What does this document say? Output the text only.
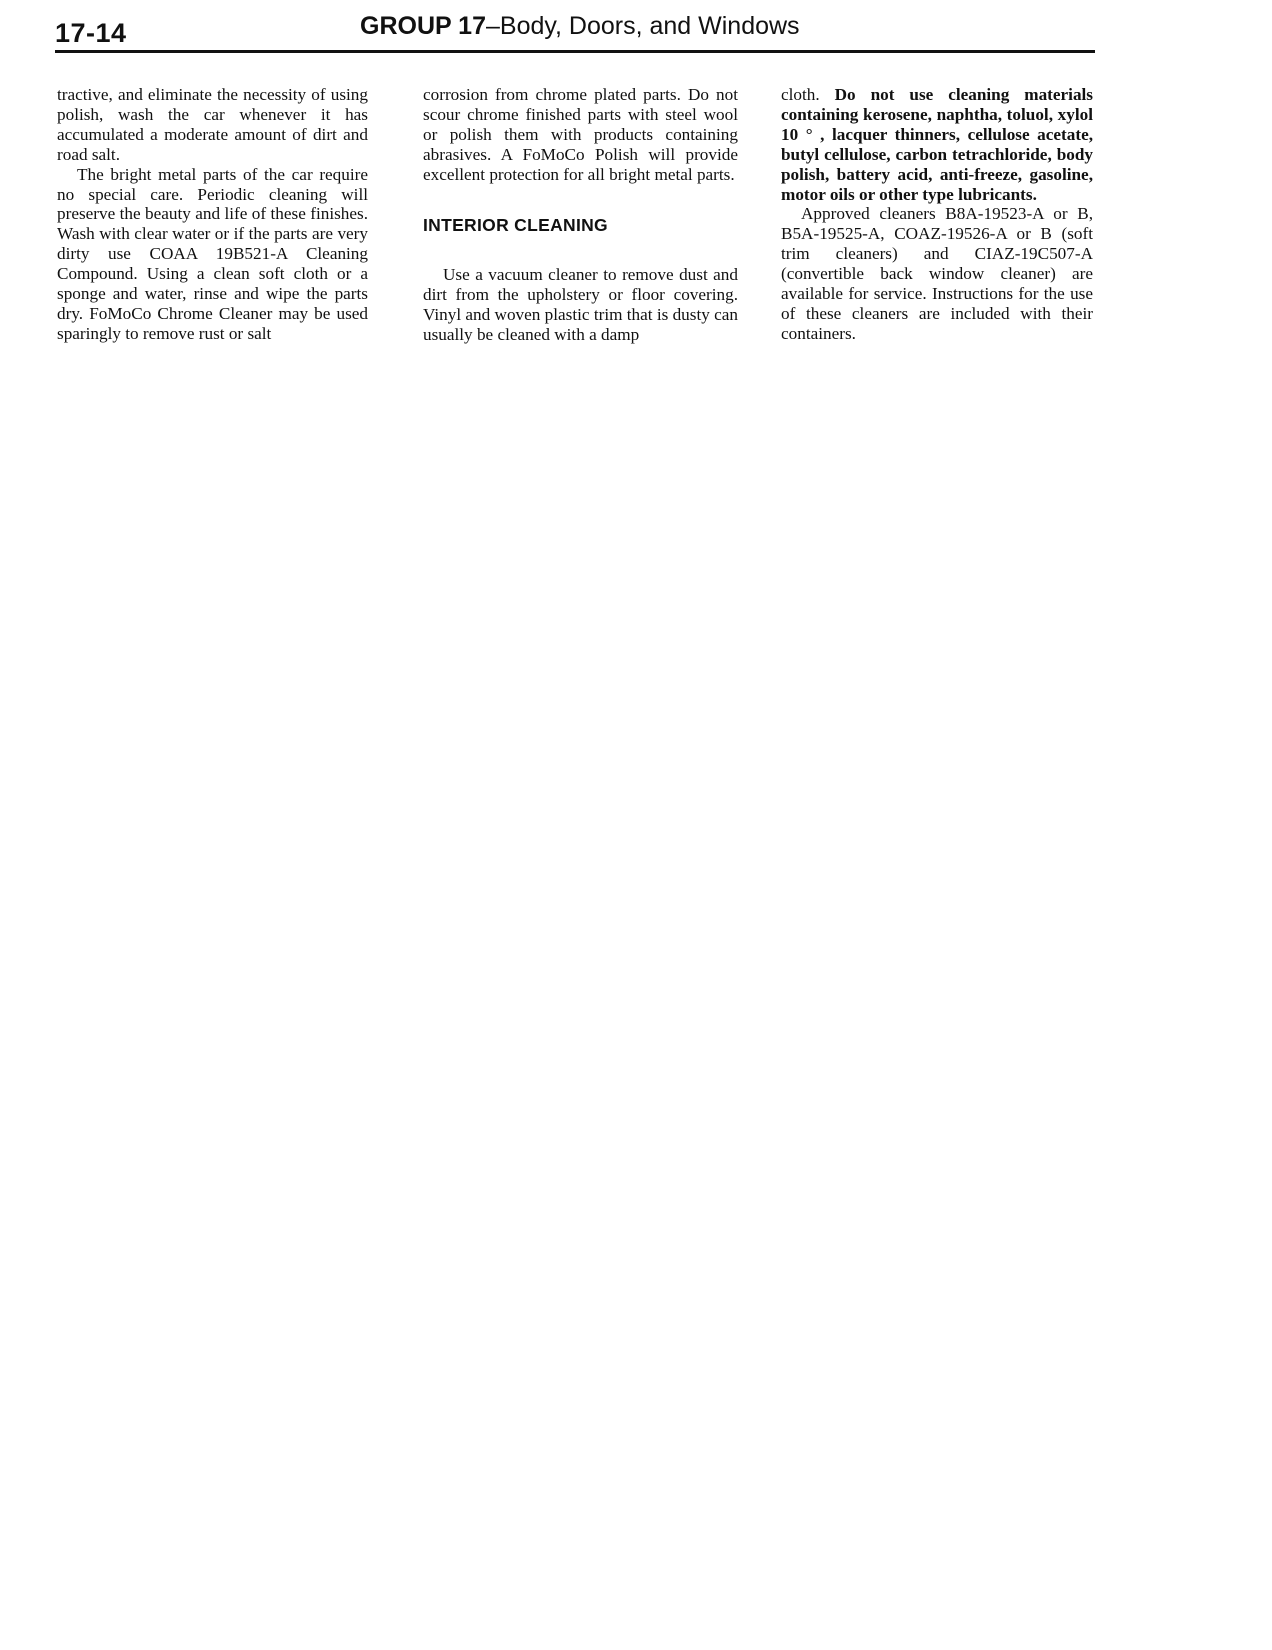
17-14	GROUP 17–Body, Doors, and Windows

tractive, and eliminate the necessity of using polish, wash the car whenever it has accumulated a moderate amount of dirt and road salt.

The bright metal parts of the car require no special care. Periodic cleaning will preserve the beauty and life of these finishes. Wash with clear water or if the parts are very dirty use COAA 19B521-A Cleaning Compound. Using a clean soft cloth or a sponge and water, rinse and wipe the parts dry. FoMoCo Chrome Cleaner may be used sparingly to remove rust or salt

corrosion from chrome plated parts. Do not scour chrome finished parts with steel wool or polish them with products containing abrasives. A FoMoCo Polish will provide excellent protection for all bright metal parts.

INTERIOR CLEANING

Use a vacuum cleaner to remove dust and dirt from the upholstery or floor covering. Vinyl and woven plastic trim that is dusty can usually be cleaned with a damp

cloth. Do not use cleaning materials containing kerosene, naphtha, toluol, xylol 10 ° , lacquer thinners, cellulose acetate, butyl cellulose, carbon tetrachloride, body polish, battery acid, anti-freeze, gasoline, motor oils or other type lubricants.

Approved cleaners B8A-19523-A or B, B5A-19525-A, COAZ-19526-A or B (soft trim cleaners) and CIAZ-19C507-A (convertible back window cleaner) are available for service. Instructions for the use of these cleaners are included with their containers.
